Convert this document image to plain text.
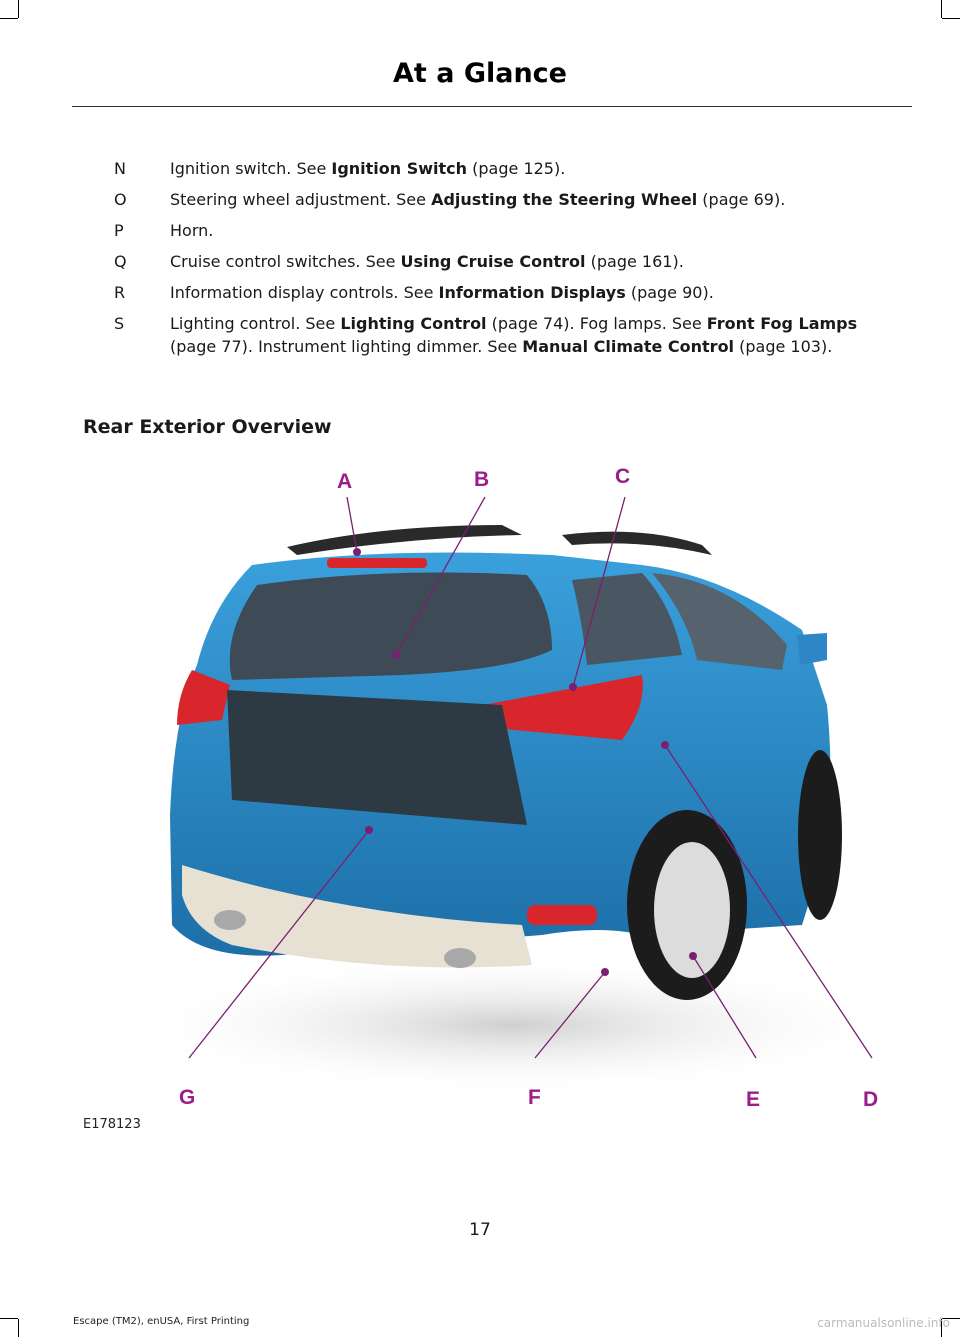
At a Glance
N	Ignition switch. See Ignition Switch (page 125).
O	Steering wheel adjustment. See Adjusting the Steering Wheel (page 69).
P	Horn.
Q	Cruise control switches. See Using Cruise Control (page 161).
R	Information display controls. See Information Displays (page 90).
S	Lighting control. See Lighting Control (page 74). Fog lamps. See Front Fog Lamps (page 77). Instrument lighting dimmer. See Manual Climate Control (page 103).
Rear Exterior Overview
A	B	C
D
E
F
G
E178123
17
Escape (TM2), enUSA, First Printing	carmanualsonline.info
